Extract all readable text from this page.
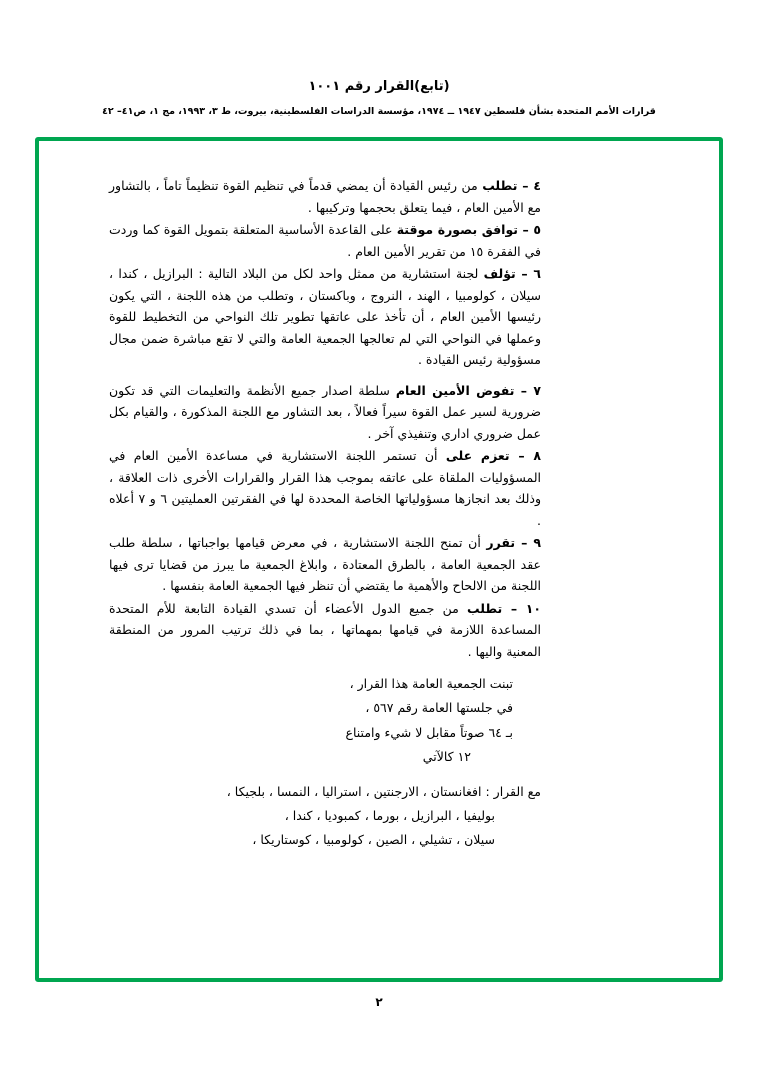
(تابع)القرار رقم ١٠٠١
قرارات الأمم المتحدة بشأن فلسطين ١٩٤٧ ــ ١٩٧٤، مؤسسة الدراسات الفلسطينية، بيروت، ط ٣، ١٩٩٣، مج ١، ص٤١– ٤٢

٤ – تطلب من رئيس القيادة أن يمضي قدماً في تنظيم القوة تنظيماً تاماً ، بالتشاور مع الأمين العام ، فيما يتعلق بحجمها وتركيبها .

٥ – توافق بصورة موقتة على القاعدة الأساسية المتعلقة بتمويل القوة كما وردت في الفقرة ١٥ من تقرير الأمين العام .

٦ – تؤلف لجنة استشارية من ممثل واحد لكل من البلاد التالية : البرازيل ، كندا ، سيلان ، كولومبيا ، الهند ، النروج ، وباكستان ، وتطلب من هذه اللجنة ، التي يكون رئيسها الأمين العام ، أن تأخذ على عاتقها تطوير تلك النواحي من التخطيط للقوة وعملها في النواحي التي لم تعالجها الجمعية العامة والتي لا تقع مباشرة ضمن مجال مسؤولية رئيس القيادة .

٧ – تفوض الأمين العام سلطة اصدار جميع الأنظمة والتعليمات التي قد تكون ضرورية لسير عمل القوة سيراً فعالاً ، بعد التشاور مع اللجنة المذكورة ، والقيام بكل عمل ضروري اداري وتنفيذي آخر .

٨ – تعزم على أن تستمر اللجنة الاستشارية في مساعدة الأمين العام في المسؤوليات الملقاة على عاتقه بموجب هذا القرار والقرارات الأخرى ذات العلاقة ، وذلك بعد انجازها مسؤولياتها الخاصة المحددة لها في الفقرتين العمليتين ٦ و ٧ أعلاه .

٩ – تقرر أن تمنح اللجنة الاستشارية ، في معرض قيامها بواجباتها ، سلطة طلب عقد الجمعية العامة ، بالطرق المعتادة ، وابلاغ الجمعية ما يبرز من قضايا ترى فيها اللجنة من الالحاح والأهمية ما يقتضي أن تنظر فيها الجمعية العامة بنفسها .

١٠ – تطلب من جميع الدول الأعضاء أن تسدي القيادة التابعة للأم المتحدة المساعدة اللازمة في قيامها بمهماتها ، بما في ذلك ترتيب المرور من المنطقة المعنية واليها .

تبنت الجمعية العامة هذا القرار ،

في جلستها العامة رقم ٥٦٧ ،

بـ ٦٤ صوتاً مقابل لا شيء وامتناع

١٢ كالآتي

مع القرار : افغانستان ، الارجنتين ، استراليا ، النمسا ، بلجيكا ،

بوليفيا ، البرازيل ، بورما ، كمبوديا ، كندا ،

سيلان ، تشيلي ، الصين ، كولومبيا ، كوستاريكا ،

٢
